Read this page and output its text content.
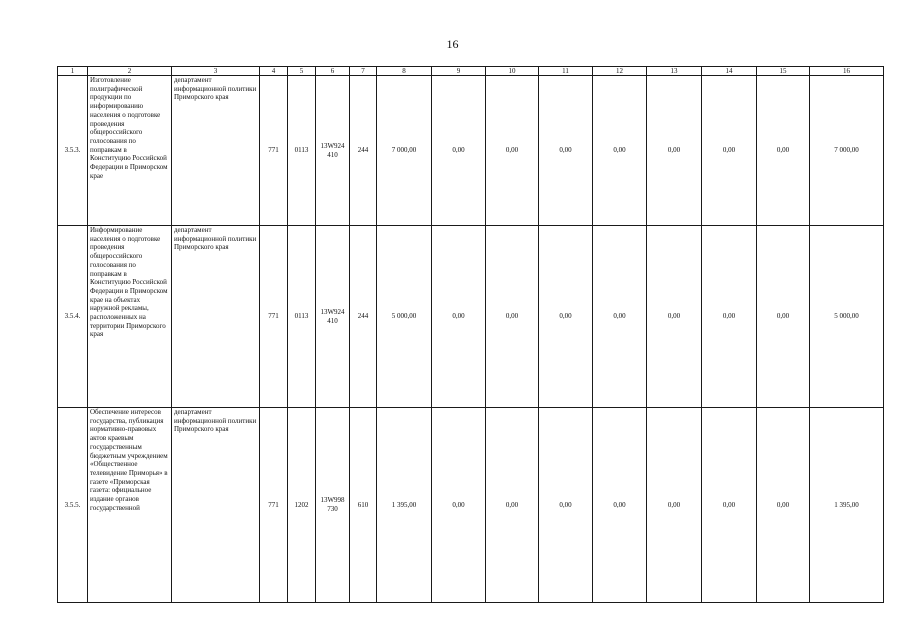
16
1	2	3	4	5	6	7	8	9	10	11	12	13	14	15	16
3.5.3.	Изготовление полиграфической продукции по информированию населения о подготовке проведения общероссийского голосования по поправкам в Конституцию Российской Федерации в Приморском крае	департамент информационной политики Приморского края	771	0113	13W924 410	244	7 000,00	0,00	0,00	0,00	0,00	0,00	0,00	0,00	7 000,00
3.5.4.	Информирование населения о подготовке проведения общероссийского голосования по поправкам в Конституцию Российской Федерации в Приморском крае на объектах наружной рекламы, расположенных на территории Приморского края	департамент информационной политики Приморского края	771	0113	13W924 410	244	5 000,00	0,00	0,00	0,00	0,00	0,00	0,00	0,00	5 000,00
3.5.5.	Обеспечение интересов государства, публикация нормативно-правовых актов краевым государственным бюджетным учреждением «Общественное телевидение Приморья» в газете «Приморская газета: официальное издание органов государственной	департамент информационной политики Приморского края	771	1202	13W998 730	610	1 395,00	0,00	0,00	0,00	0,00	0,00	0,00	0,00	1 395,00
